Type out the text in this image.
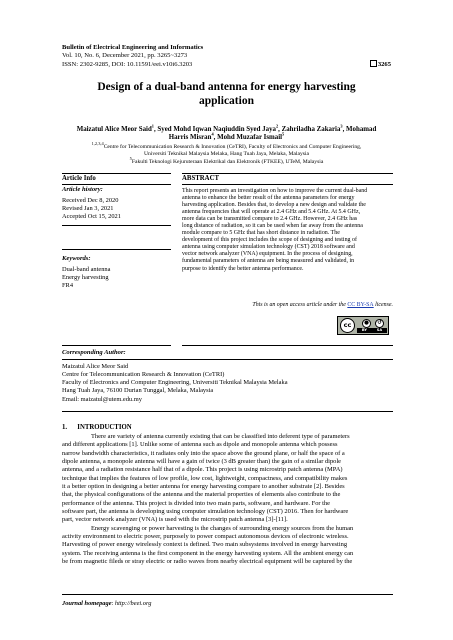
Bulletin of Electrical Engineering and Informatics
Vol. 10, No. 6, December 2021, pp. 3265~3273
ISSN: 2302-9285, DOI: 10.11591/eei.v10i6.3203	3265
Design of a dual-band antenna for energy harvesting
application
Maizatul Alice Meor Said$^1$, Syed Mohd Iqwan Naqiuddin Syed Jaya$^2$, Zahriladha Zakaria$^3$, Mohamad
Harris Misran$^4$, Mohd Muzafar Ismail$^5$
$^{1,2,3,4}$Centre for Telecommunication Research & Innovation (CeTRI), Faculty of Electronics and Computer Engineering,
Universiti Teknikal Malaysia Melaka, Hang Tuah Jaya, Melaka, Malaysia
$^5$Fakulti Teknologi Kejuruteraan Elektrikal dan Elektronik (FTKEE), UTeM, Malaysia
Article Info	ABSTRACT
Article history:
Received Dec 8, 2020
Revised Jan 3, 2021
Accepted Oct 15, 2021
Keywords:
Dual-band antenna
Energy harvesting
FR4
This report presents an investigation on how to improve the current dual-band
antenna to enhance the better result of the antenna parameters for energy
harvesting application. Besides that, to develop a new design and validate the
antenna frequencies that will operate at 2.4 GHz and 5.4 GHz. At 5.4 GHz,
more data can be transmitted compare to 2.4 GHz. However, 2.4 GHz has
long distance of radiation, so it can be used when far away from the antenna
module compare to 5 GHz that has short distance in radiation. The
development of this project includes the scope of designing and testing of
antenna using computer simulation technology (CST) 2018 software and
vector network analyzer (VNA) equipment. In the process of designing,
fundamental parameters of antenna are being measured and validated, in
purpose to identify the better antenna performance.
This is an open access article under the CC BY-SA license.
cc	●	↺
BY	SA
Corresponding Author:
Maizatul Alice Meor Said
Centre for Telecommunication Research & Innovation (CeTRI)
Faculty of Electronics and Computer Engineering, Universiti Teknikal Malaysia Melaka
Hang Tuah Jaya, 76100 Durian Tunggal, Melaka, Malaysia
Email: maizatul@utem.edu.my
1.      INTRODUCTION
There are variety of antenna currently existing that can be classified into deferent type of parameters
and different applications [1]. Unlike some of antenna such as dipole and monopole antenna which possess
narrow bandwidth characteristics, it radiates only into the space above the ground plane, or half the space of a
dipole antenna, a monopole antenna will have a gain of twice (3 dB greater than) the gain of a similar dipole
antenna, and a radiation resistance half that of a dipole. This project is using microstrip patch antenna (MPA)
technique that implies the features of low profile, low cost, lightweight, compactness, and compatibility makes
it a better option in designing a better antenna for energy harvesting compare to another substrate [2]. Besides
that, the physical configurations of the antenna and the material properties of elements also contribute to the
performance of the antenna. This project is divided into two main parts, software, and hardware. For the
software part, the antenna is developing using computer simulation technology (CST) 2016. Then for hardware
part, vector network analyzer (VNA) is used with the microstrip patch antenna [3]-[11].
Energy scavenging or power harvesting is the changes of surrounding energy sources from the human
activity environment to electric power, purposely to power compact autonomous devices of electronic wireless.
Harvesting of power energy wirelessly context is defined. Two main subsystems involved in energy harvesting
system. The receiving antenna is the first component in the energy harvesting system. All the ambient energy can
be from magnetic fileds or stray electric or radio waves from nearby electrical equipment will be captured by the
Journal homepage: http://beei.org
